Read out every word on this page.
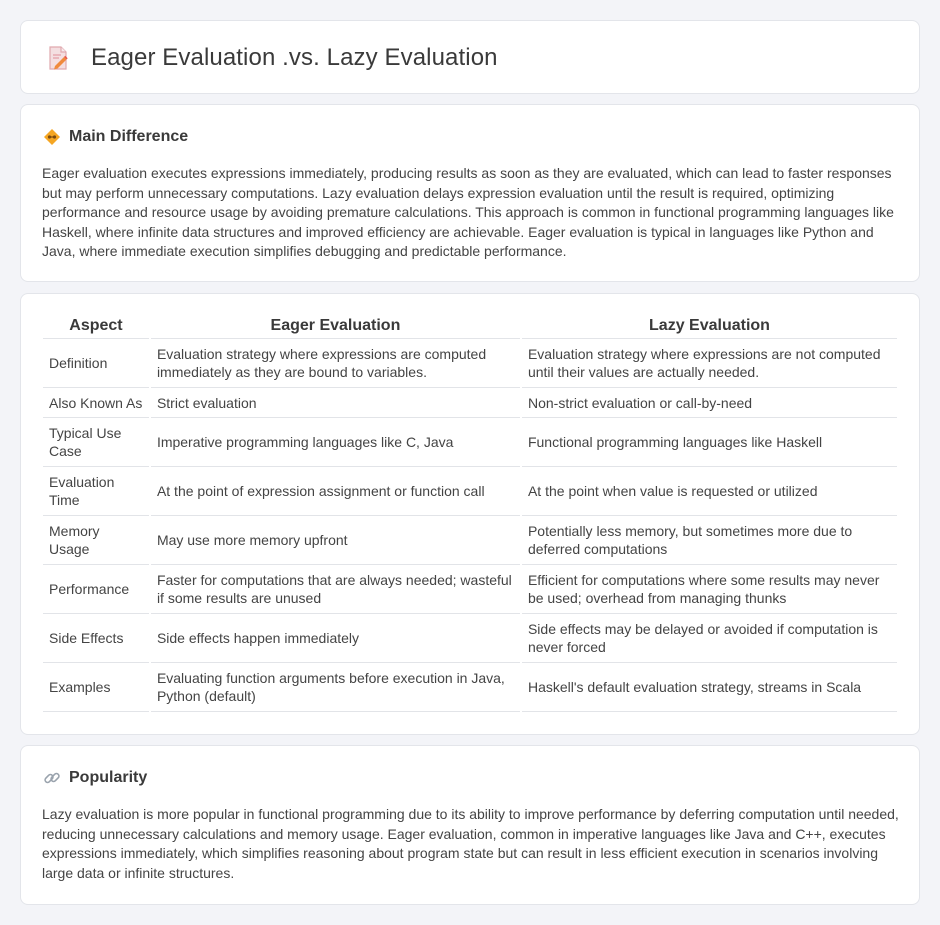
Eager Evaluation .vs. Lazy Evaluation
Main Difference

Eager evaluation executes expressions immediately, producing results as soon as they are evaluated, which can lead to faster responses but may perform unnecessary computations. Lazy evaluation delays expression evaluation until the result is required, optimizing performance and resource usage by avoiding premature calculations. This approach is common in functional programming languages like Haskell, where infinite data structures and improved efficiency are achievable. Eager evaluation is typical in languages like Python and Java, where immediate execution simplifies debugging and predictable performance.

Aspect	Eager Evaluation	Lazy Evaluation
Definition	Evaluation strategy where expressions are computed immediately as they are bound to variables.	Evaluation strategy where expressions are not computed until their values are actually needed.
Also Known As	Strict evaluation	Non-strict evaluation or call-by-need
Typical Use Case	Imperative programming languages like C, Java	Functional programming languages like Haskell
Evaluation Time	At the point of expression assignment or function call	At the point when value is requested or utilized
Memory Usage	May use more memory upfront	Potentially less memory, but sometimes more due to deferred computations
Performance	Faster for computations that are always needed; wasteful if some results are unused	Efficient for computations where some results may never be used; overhead from managing thunks
Side Effects	Side effects happen immediately	Side effects may be delayed or avoided if computation is never forced
Examples	Evaluating function arguments before execution in Java, Python (default)	Haskell's default evaluation strategy, streams in Scala
Popularity

Lazy evaluation is more popular in functional programming due to its ability to improve performance by deferring computation until needed, reducing unnecessary calculations and memory usage. Eager evaluation, common in imperative languages like Java and C++, executes expressions immediately, which simplifies reasoning about program state but can result in less efficient execution in scenarios involving large data or infinite structures.
